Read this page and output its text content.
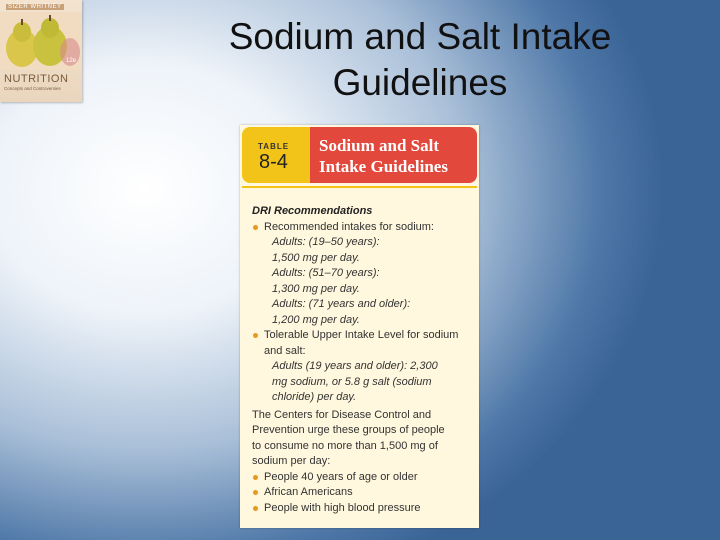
SIZER WHITNEY
12e
NUTRITION
Concepts and Controversies
Sodium and Salt Intake
Guidelines
TABLE
8-4
Sodium and Salt
Intake Guidelines
DRI Recommendations
Recommended intakes for sodium:
Adults: (19–50 years):
1,500 mg per day.
Adults: (51–70 years):
1,300 mg per day.
Adults: (71 years and older):
1,200 mg per day.
Tolerable Upper Intake Level for sodium
and salt:
Adults (19 years and older): 2,300
mg sodium, or 5.8 g salt (sodium
chloride) per day.
The Centers for Disease Control and
Prevention urge these groups of people
to consume no more than 1,500 mg of
sodium per day:
People 40 years of age or older
African Americans
People with high blood pressure
